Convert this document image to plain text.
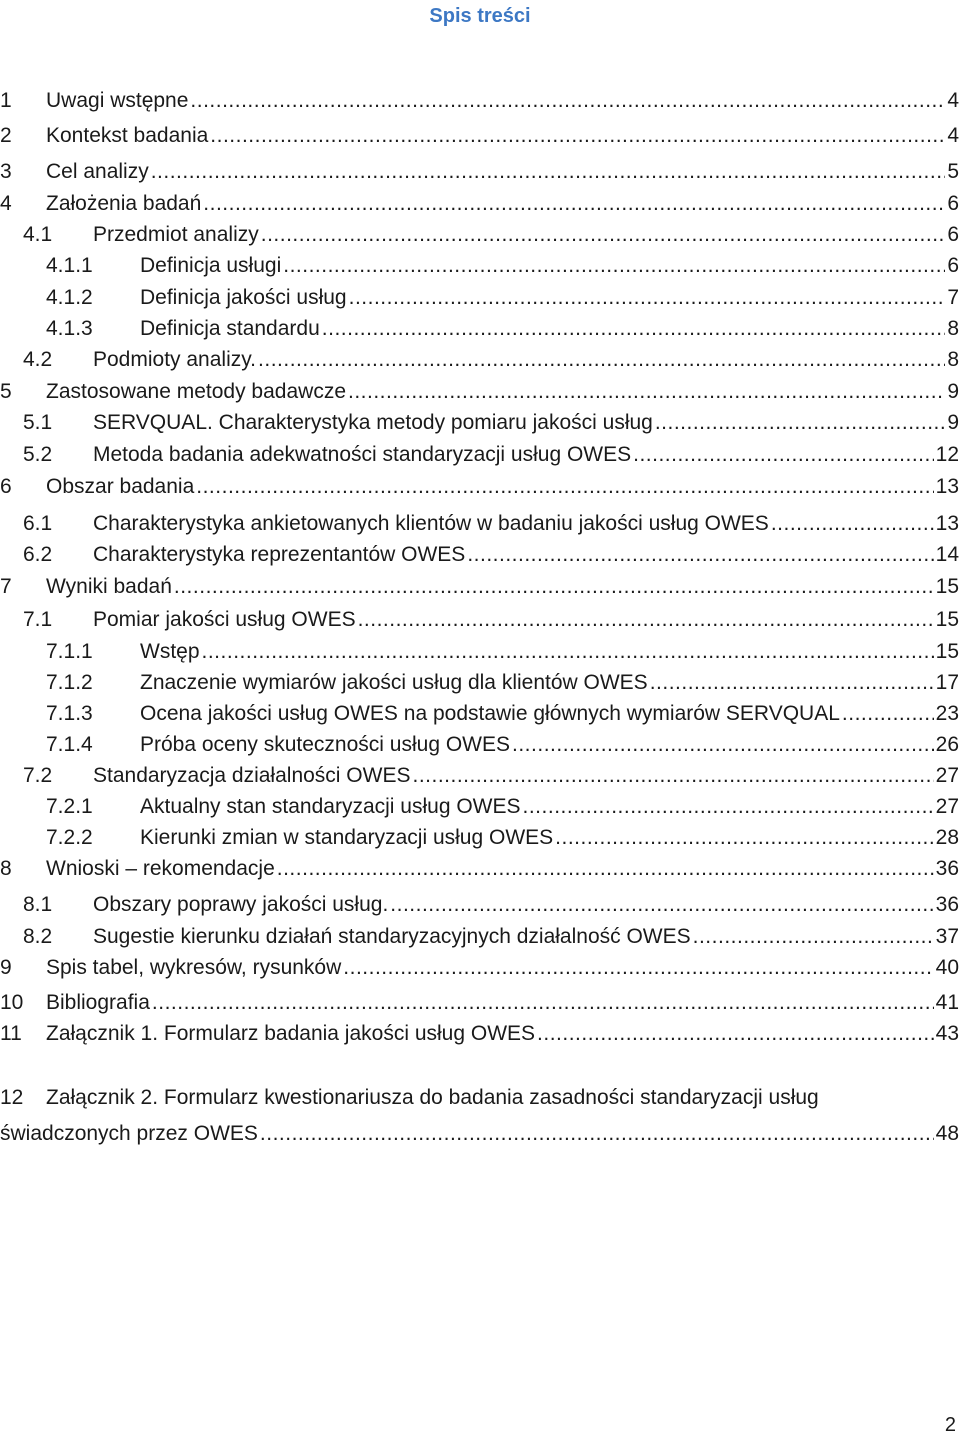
Spis treści
1	Uwagi wstępne .....	4
2	Kontekst badania .....	4
3	Cel analizy .....	5
4	Założenia badań .....	6
4.1	Przedmiot analizy .....	6
4.1.1	Definicja usługi .....	6
4.1.2	Definicja jakości usług .....	7
4.1.3	Definicja standardu .....	8
4.2	Podmioty analizy. .....	8
5	Zastosowane metody badawcze .....	9
5.1	SERVQUAL. Charakterystyka metody pomiaru jakości usług .....	9
5.2	Metoda badania adekwatności standaryzacji usług OWES .....	12
6	Obszar badania .....	13
6.1	Charakterystyka ankietowanych klientów w badaniu jakości usług OWES .....	13
6.2	Charakterystyka reprezentantów OWES .....	14
7	Wyniki badań .....	15
7.1	Pomiar jakości usług OWES .....	15
7.1.1	Wstęp .....	15
7.1.2	Znaczenie wymiarów jakości usług dla klientów OWES .....	17
7.1.3	Ocena jakości usług OWES na podstawie głównych wymiarów SERVQUAL .....	23
7.1.4	Próba oceny skuteczności usług OWES .....	26
7.2	Standaryzacja działalności OWES .....	27
7.2.1	Aktualny stan standaryzacji usług OWES .....	27
7.2.2	Kierunki zmian w standaryzacji usług OWES .....	28
8	Wnioski – rekomendacje .....	36
8.1	Obszary poprawy jakości usług. .....	36
8.2	Sugestie kierunku działań standaryzacyjnych działalność OWES .....	37
9	Spis tabel, wykresów, rysunków .....	40
10	Bibliografia .....	41
11	Załącznik 1. Formularz badania jakości usług OWES .....	43
12	Załącznik 2. Formularz kwestionariusza do badania zasadności standaryzacji usług
świadczonych przez OWES .....	48
2
